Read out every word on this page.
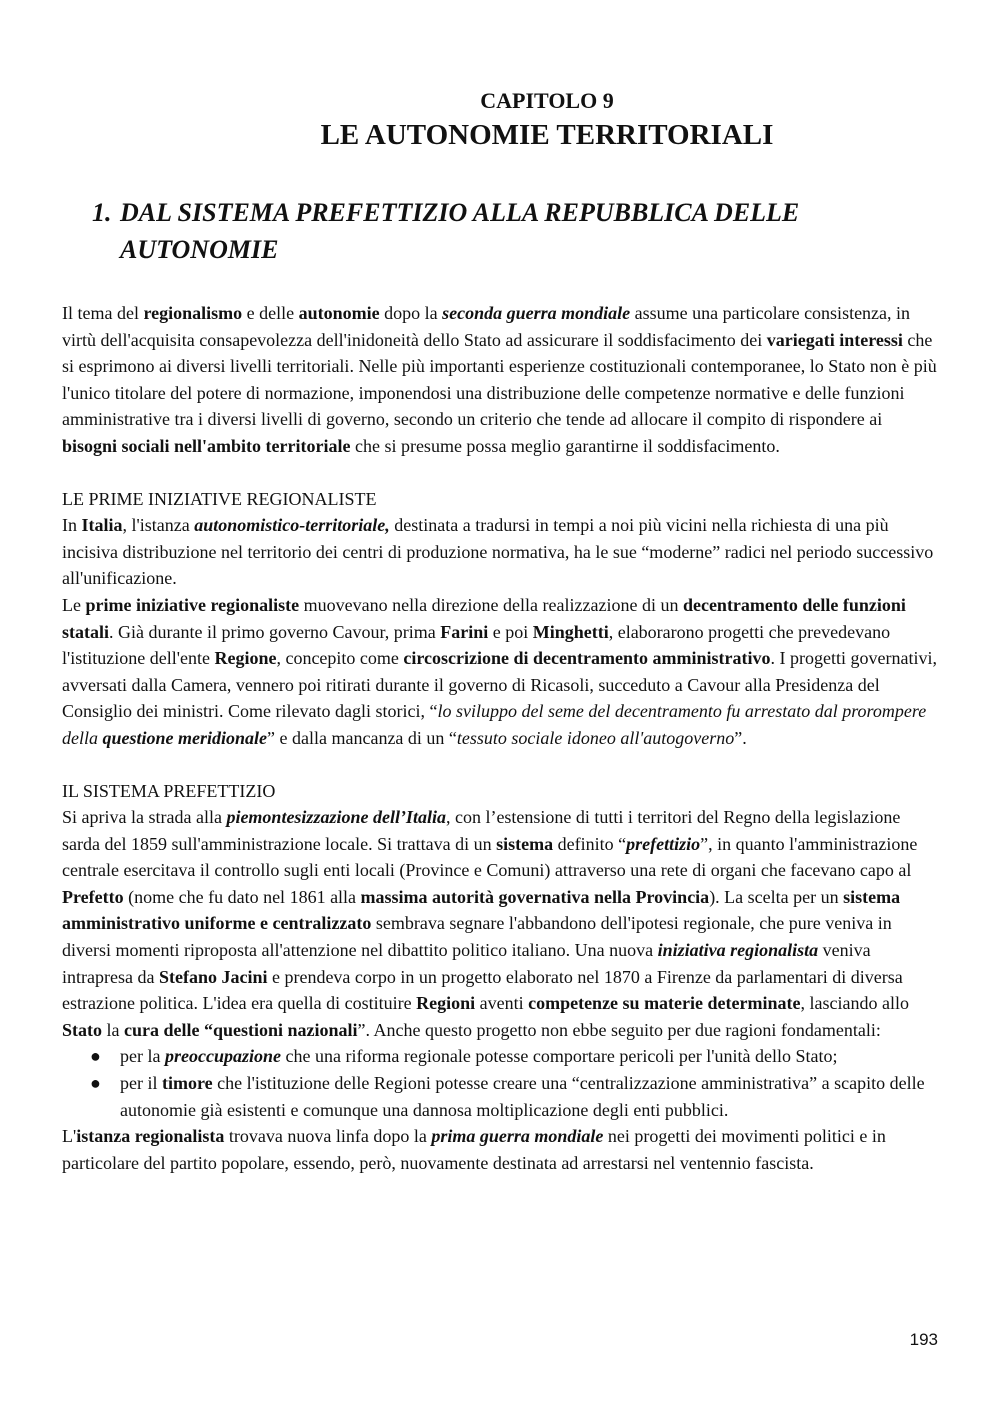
CAPITOLO 9
LE AUTONOMIE TERRITORIALI
1. DAL SISTEMA PREFETTIZIO ALLA REPUBBLICA DELLE
AUTONOMIE

Il tema del regionalismo e delle autonomie dopo la seconda guerra mondiale assume una particolare consistenza, in virtù dell'acquisita consapevolezza dell'inidoneità dello Stato ad assicurare il soddisfacimento dei variegati interessi che si esprimono ai diversi livelli territoriali. Nelle più importanti esperienze costituzionali contemporanee, lo Stato non è più l'unico titolare del potere di normazione, imponendosi una distribuzione delle competenze normative e delle funzioni amministrative tra i diversi livelli di governo, secondo un criterio che tende ad allocare il compito di rispondere ai bisogni sociali nell'ambito territoriale che si presume possa meglio garantirne il soddisfacimento.

LE PRIME INIZIATIVE REGIONALISTE

In Italia, l'istanza autonomistico-territoriale, destinata a tradursi in tempi a noi più vicini nella richiesta di una più incisiva distribuzione nel territorio dei centri di produzione normativa, ha le sue “moderne” radici nel periodo successivo all'unificazione.

Le prime iniziative regionaliste muovevano nella direzione della realizzazione di un decentramento delle funzioni statali. Già durante il primo governo Cavour, prima Farini e poi Minghetti, elaborarono progetti che prevedevano l'istituzione dell'ente Regione, concepito come circoscrizione di decentramento amministrativo. I progetti governativi, avversati dalla Camera, vennero poi ritirati durante il governo di Ricasoli, succeduto a Cavour alla Presidenza del Consiglio dei ministri. Come rilevato dagli storici, “lo sviluppo del seme del decentramento fu arrestato dal prorompere della questione meridionale” e dalla mancanza di un “tessuto sociale idoneo all'autogoverno”.

IL SISTEMA PREFETTIZIO

Si apriva la strada alla piemontesizzazione dell’Italia, con l’estensione di tutti i territori del Regno della legislazione sarda del 1859 sull'amministrazione locale. Si trattava di un sistema definito “prefettizio”, in quanto l'amministrazione centrale esercitava il controllo sugli enti locali (Province e Comuni) attraverso una rete di organi che facevano capo al Prefetto (nome che fu dato nel 1861 alla massima autorità governativa nella Provincia). La scelta per un sistema amministrativo uniforme e centralizzato sembrava segnare l'abbandono dell'ipotesi regionale, che pure veniva in diversi momenti riproposta all'attenzione nel dibattito politico italiano. Una nuova iniziativa regionalista veniva intrapresa da Stefano Jacini e prendeva corpo in un progetto elaborato nel 1870 a Firenze da parlamentari di diversa estrazione politica. L'idea era quella di costituire Regioni aventi competenze su materie determinate, lasciando allo Stato la cura delle “questioni nazionali”. Anche questo progetto non ebbe seguito per due ragioni fondamentali:

● per la preoccupazione che una riforma regionale potesse comportare pericoli per l'unità dello Stato;
● per il timore che l'istituzione delle Regioni potesse creare una “centralizzazione amministrativa” a scapito delle autonomie già esistenti e comunque una dannosa moltiplicazione degli enti pubblici.

L'istanza regionalista trovava nuova linfa dopo la prima guerra mondiale nei progetti dei movimenti politici e in particolare del partito popolare, essendo, però, nuovamente destinata ad arrestarsi nel ventennio fascista.

193
